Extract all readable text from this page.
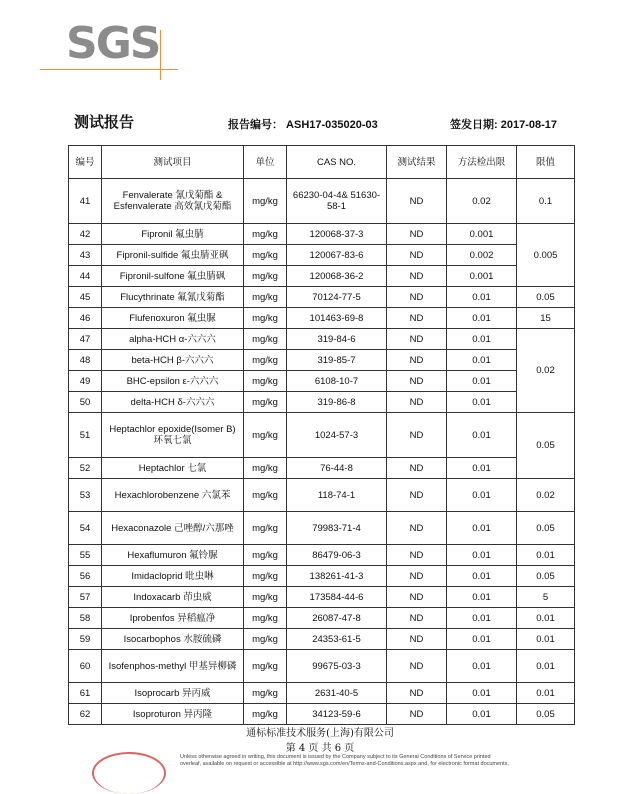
SGS
测试报告	报告编号： ASH17-035020-03	签发日期: 2017-08-17
编号	测试项目	单位	CAS NO.	测试结果	方法检出限	限值
41	Fenvalerate 氰戊菊酯 & Esfenvalerate 高效氰戊菊酯	mg/kg	66230-04-4& 51630-58-1	ND	0.02	0.1
42	Fipronil 氟虫腈	mg/kg	120068-37-3	ND	0.001	0.005
43	Fipronil-sulfide 氟虫腈亚砜	mg/kg	120067-83-6	ND	0.002	
44	Fipronil-sulfone 氟虫腈砜	mg/kg	120068-36-2	ND	0.001	
45	Flucythrinate 氟氰戊菊酯	mg/kg	70124-77-5	ND	0.01	0.05
46	Flufenoxuron 氟虫脲	mg/kg	101463-69-8	ND	0.01	15
47	alpha-HCH α-六六六	mg/kg	319-84-6	ND	0.01	0.02
48	beta-HCH β-六六六	mg/kg	319-85-7	ND	0.01	
49	BHC-epsilon ε-六六六	mg/kg	6108-10-7	ND	0.01	
50	delta-HCH δ-六六六	mg/kg	319-86-8	ND	0.01	
51	Heptachlor epoxide(Isomer B) 环氧七氯	mg/kg	1024-57-3	ND	0.01	0.05
52	Heptachlor 七氯	mg/kg	76-44-8	ND	0.01	
53	Hexachlorobenzene 六氯苯	mg/kg	118-74-1	ND	0.01	0.02
54	Hexaconazole 己唑醇/六那唑	mg/kg	79983-71-4	ND	0.01	0.05
55	Hexaflumuron 氟铃脲	mg/kg	86479-06-3	ND	0.01	0.01
56	Imidacloprid 吡虫啉	mg/kg	138261-41-3	ND	0.01	0.05
57	Indoxacarb 茚虫威	mg/kg	173584-44-6	ND	0.01	5
58	Iprobenfos 异稻瘟净	mg/kg	26087-47-8	ND	0.01	0.01
59	Isocarbophos 水胺硫磷	mg/kg	24353-61-5	ND	0.01	0.01
60	Isofenphos-methyl 甲基异柳磷	mg/kg	99675-03-3	ND	0.01	0.01
61	Isoprocarb 异丙威	mg/kg	2631-40-5	ND	0.01	0.01
62	Isoproturon 异丙隆	mg/kg	34123-59-6	ND	0.01	0.05
通标标准技术服务(上海)有限公司
第 4 页 共 6 页
Unless otherwise agreed in writing, this document is issued by the Company subject to its General Conditions of Service printed
overleaf, available on request or accessible at http://www.sgs.com/en/Terms-and-Conditions.aspx and, for electronic format documents,
